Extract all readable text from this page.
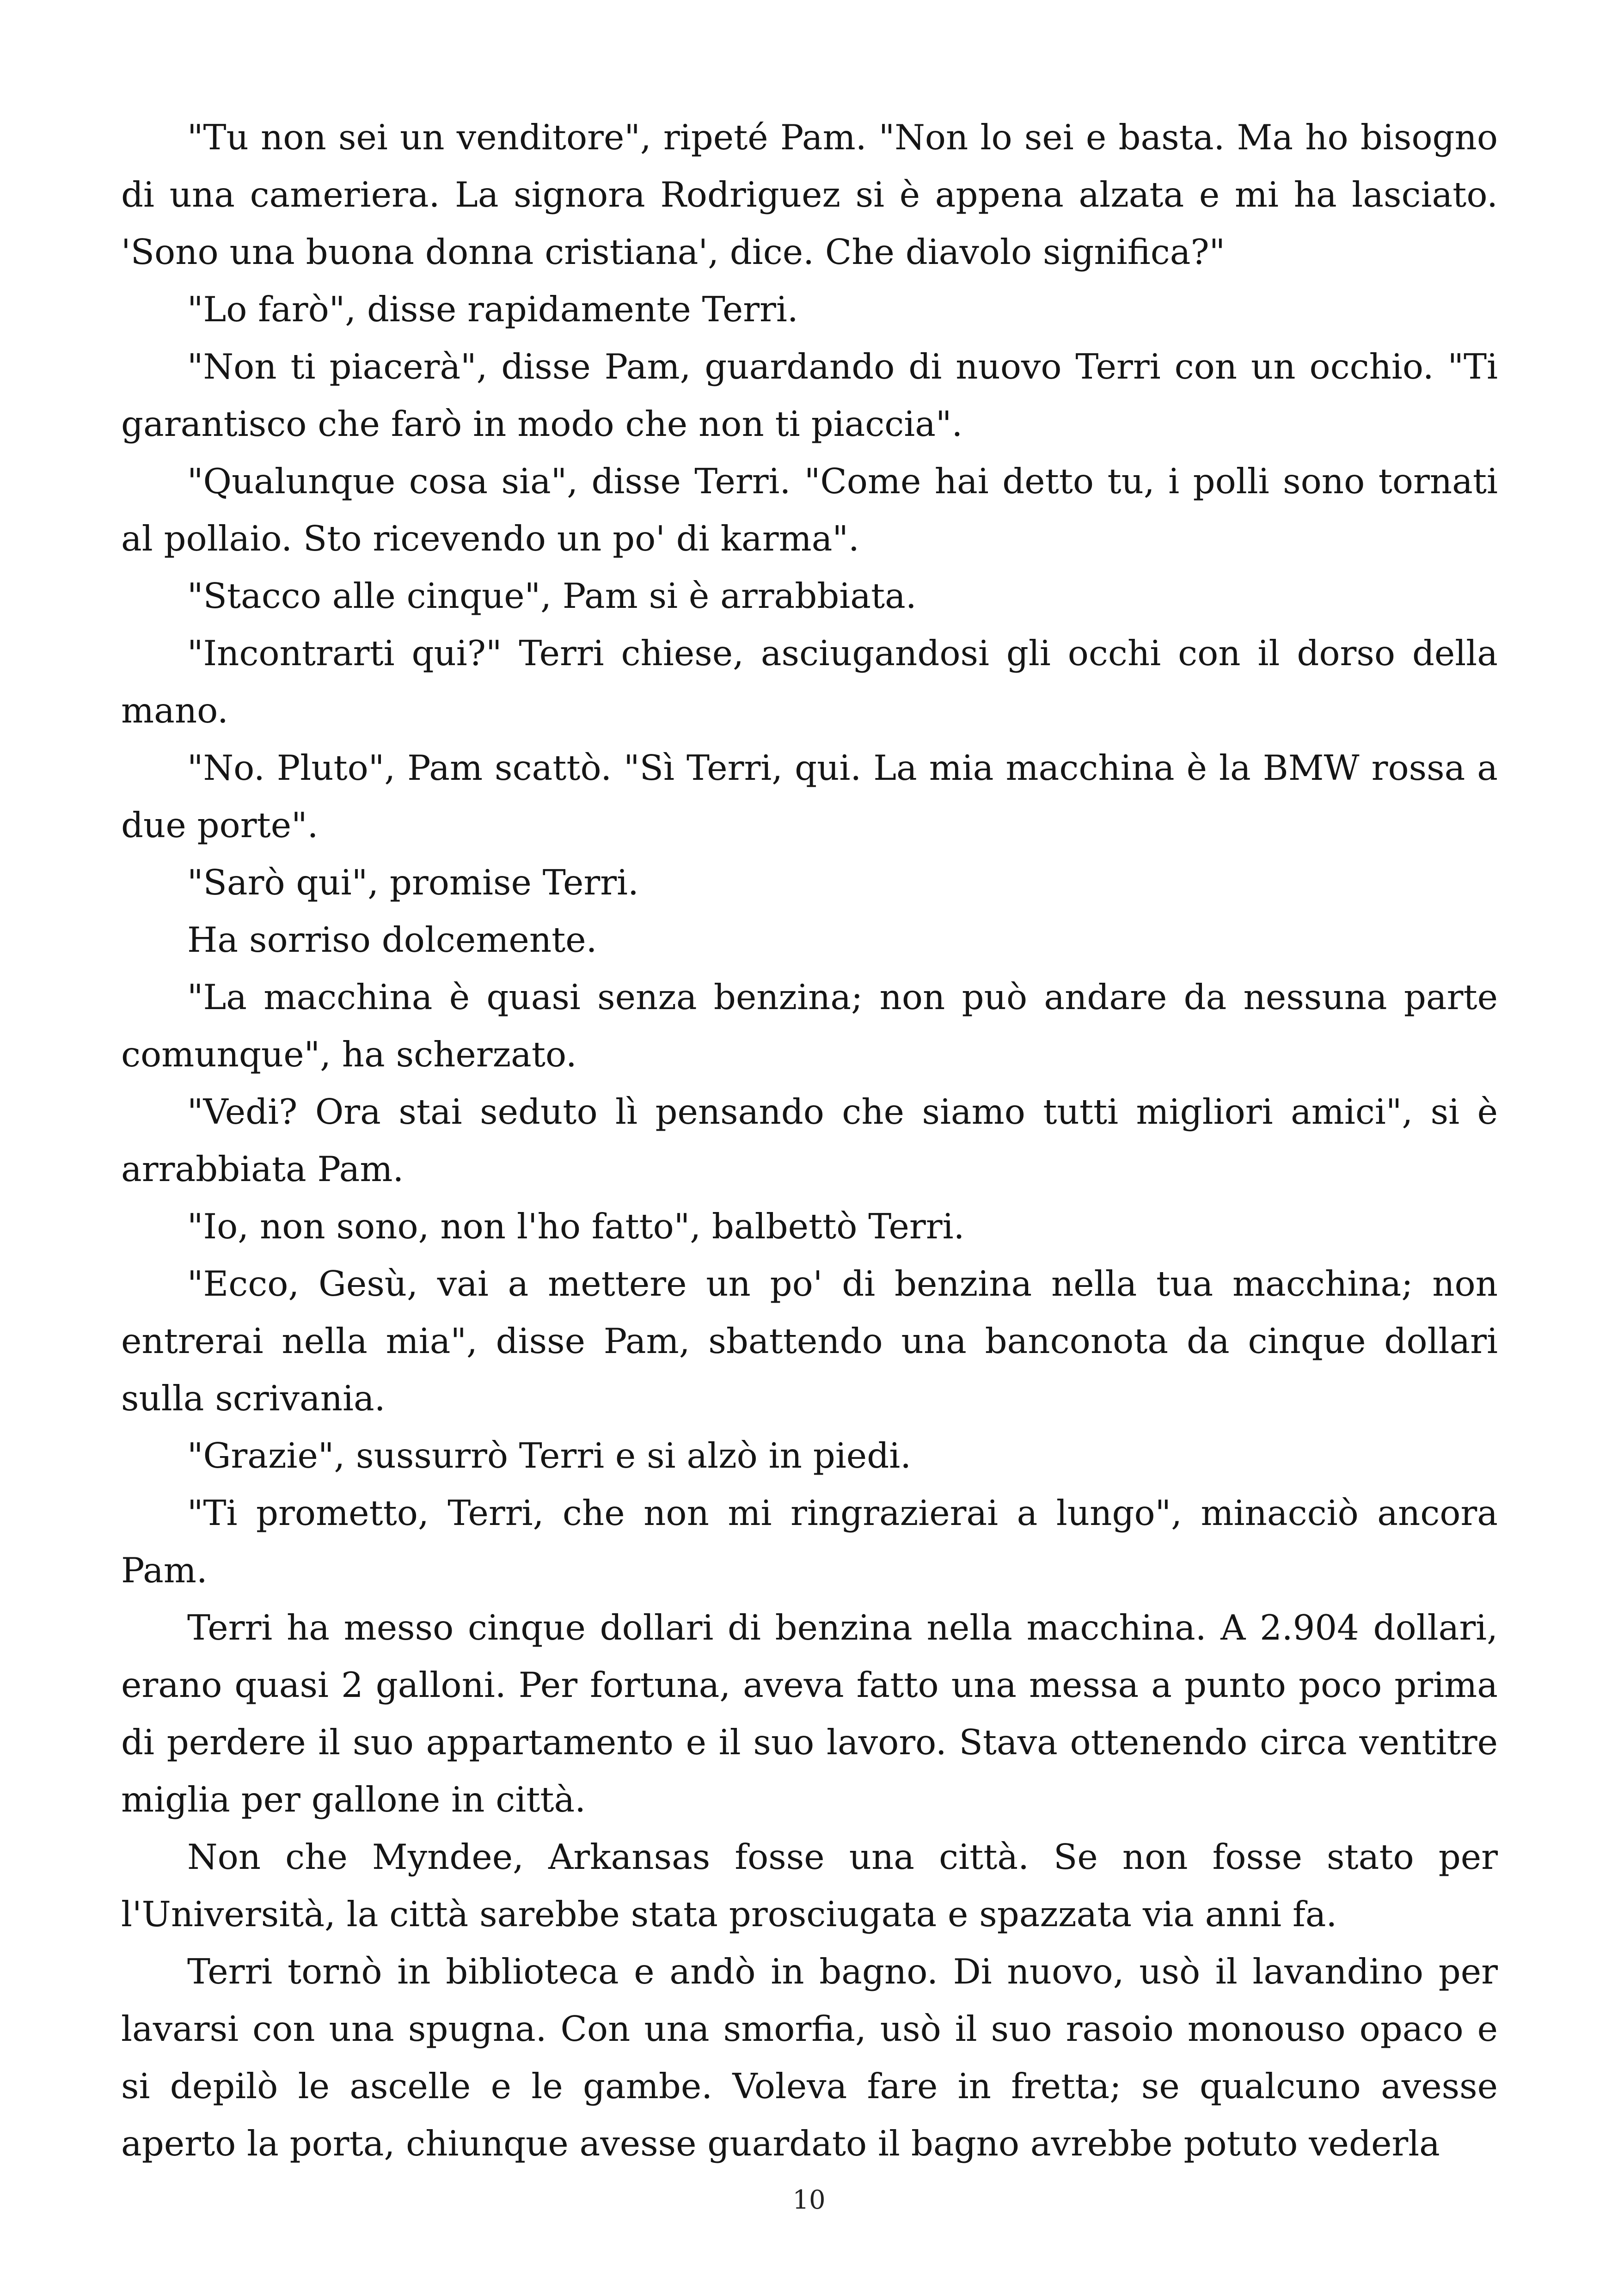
"Tu non sei un venditore", ripeté Pam. "Non lo sei e basta. Ma ho bisogno di una cameriera. La signora Rodriguez si è appena alzata e mi ha lasciato. 'Sono una buona donna cristiana', dice. Che diavolo significa?"

"Lo farò", disse rapidamente Terri.

"Non ti piacerà", disse Pam, guardando di nuovo Terri con un occhio. "Ti garantisco che farò in modo che non ti piaccia".

"Qualunque cosa sia", disse Terri. "Come hai detto tu, i polli sono tornati al pollaio. Sto ricevendo un po' di karma".

"Stacco alle cinque", Pam si è arrabbiata.

"Incontrarti qui?" Terri chiese, asciugandosi gli occhi con il dorso della mano.

"No. Pluto", Pam scattò. "Sì Terri, qui. La mia macchina è la BMW rossa a due porte".

"Sarò qui", promise Terri.

Ha sorriso dolcemente.

"La macchina è quasi senza benzina; non può andare da nessuna parte comunque", ha scherzato.

"Vedi? Ora stai seduto lì pensando che siamo tutti migliori amici", si è arrabbiata Pam.

"Io, non sono, non l'ho fatto", balbettò Terri.

"Ecco, Gesù, vai a mettere un po' di benzina nella tua macchina; non entrerai nella mia", disse Pam, sbattendo una banconota da cinque dollari sulla scrivania.

"Grazie", sussurrò Terri e si alzò in piedi.

"Ti prometto, Terri, che non mi ringrazierai a lungo", minacciò ancora Pam.

Terri ha messo cinque dollari di benzina nella macchina. A 2.904 dollari, erano quasi 2 galloni. Per fortuna, aveva fatto una messa a punto poco prima di perdere il suo appartamento e il suo lavoro. Stava ottenendo circa ventitre miglia per gallone in città.

Non che Myndee, Arkansas fosse una città. Se non fosse stato per l'Università, la città sarebbe stata prosciugata e spazzata via anni fa.

Terri tornò in biblioteca e andò in bagno. Di nuovo, usò il lavandino per lavarsi con una spugna. Con una smorfia, usò il suo rasoio monouso opaco e si depilò le ascelle e le gambe. Voleva fare in fretta; se qualcuno avesse aperto la porta, chiunque avesse guardato il bagno avrebbe potuto vederla

10
